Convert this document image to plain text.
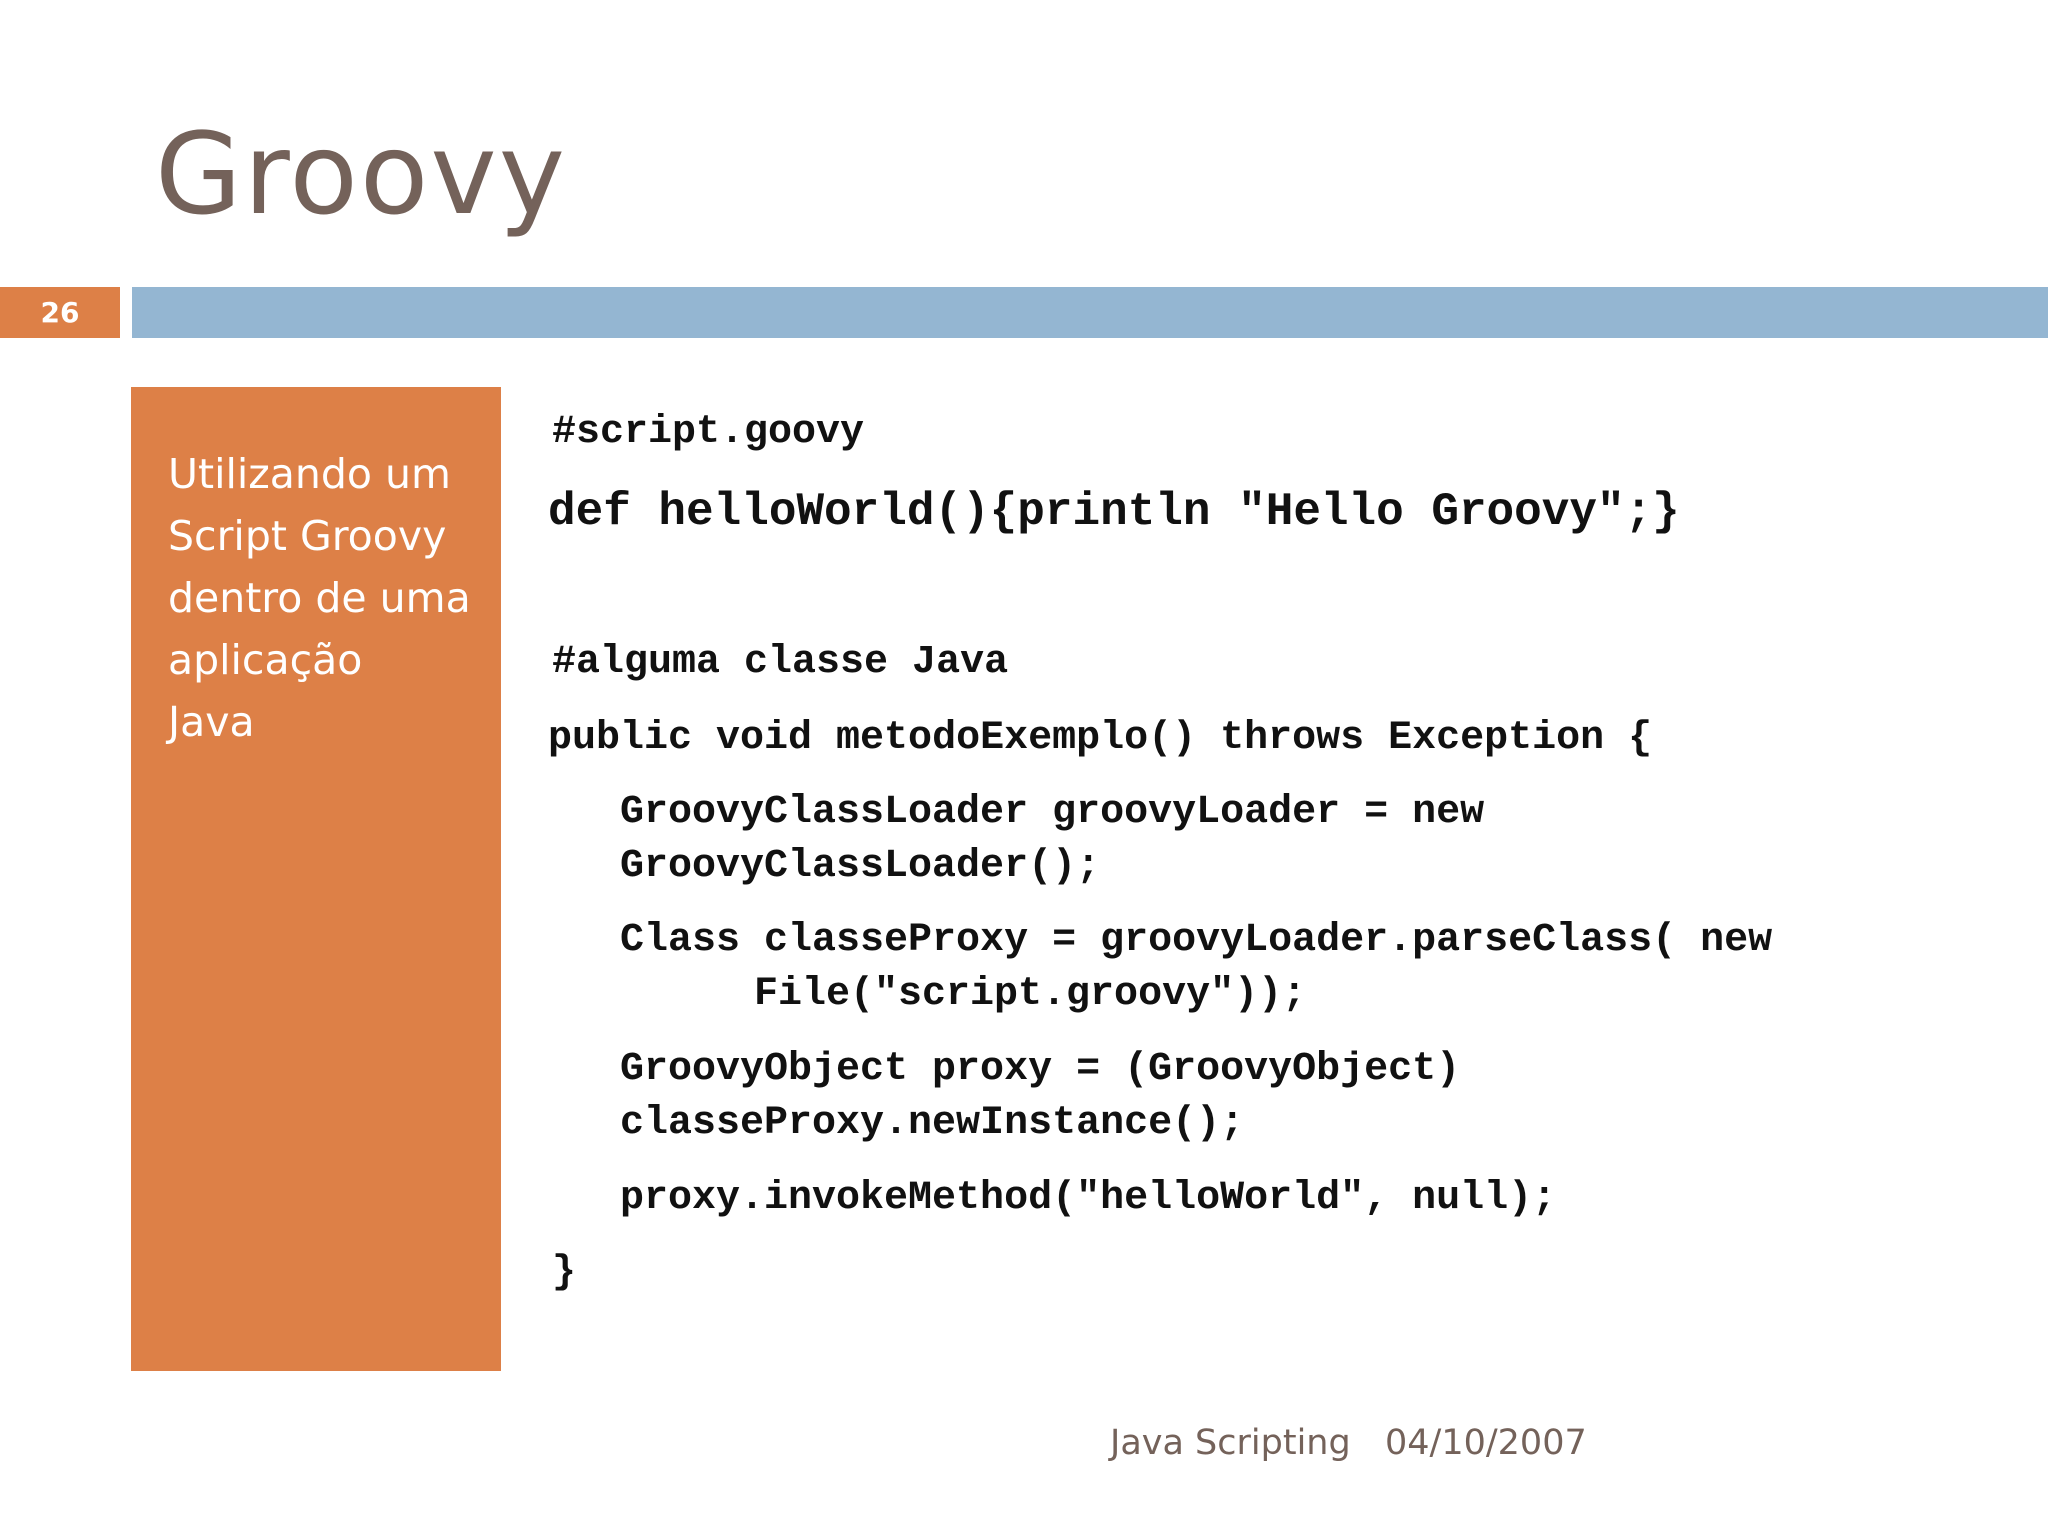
Groovy
26
Utilizando um
Script Groovy
dentro de uma
aplicação
Java
#script.goovy
def helloWorld(){println "Hello Groovy";}
#alguma classe Java
public void metodoExemplo() throws Exception {
GroovyClassLoader groovyLoader = new
GroovyClassLoader();
Class classeProxy = groovyLoader.parseClass( new
File("script.groovy"));
GroovyObject proxy = (GroovyObject)
classeProxy.newInstance();
proxy.invokeMethod("helloWorld", null);
}
Java Scripting 04/10/2007
